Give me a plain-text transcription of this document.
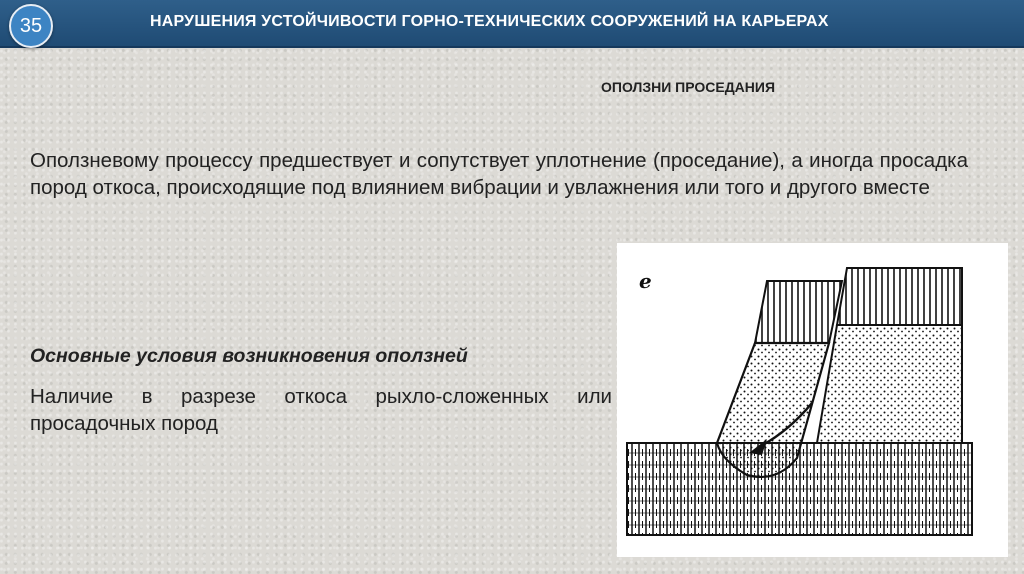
35	НАРУШЕНИЯ УСТОЙЧИВОСТИ ГОРНО-ТЕХНИЧЕСКИХ СООРУЖЕНИЙ НА КАРЬЕРАХ
ОПОЛЗНИ ПРОСЕДАНИЯ
Оползневому процессу предшествует и сопутствует уплотнение (проседание), а иногда просадка пород откоса, происходящие под влиянием вибрации и увлажнения или того и другого вместе
Основные условия возникновения оползней
Наличие в разрезе откоса рыхло-сложенных или просадочных пород
е
